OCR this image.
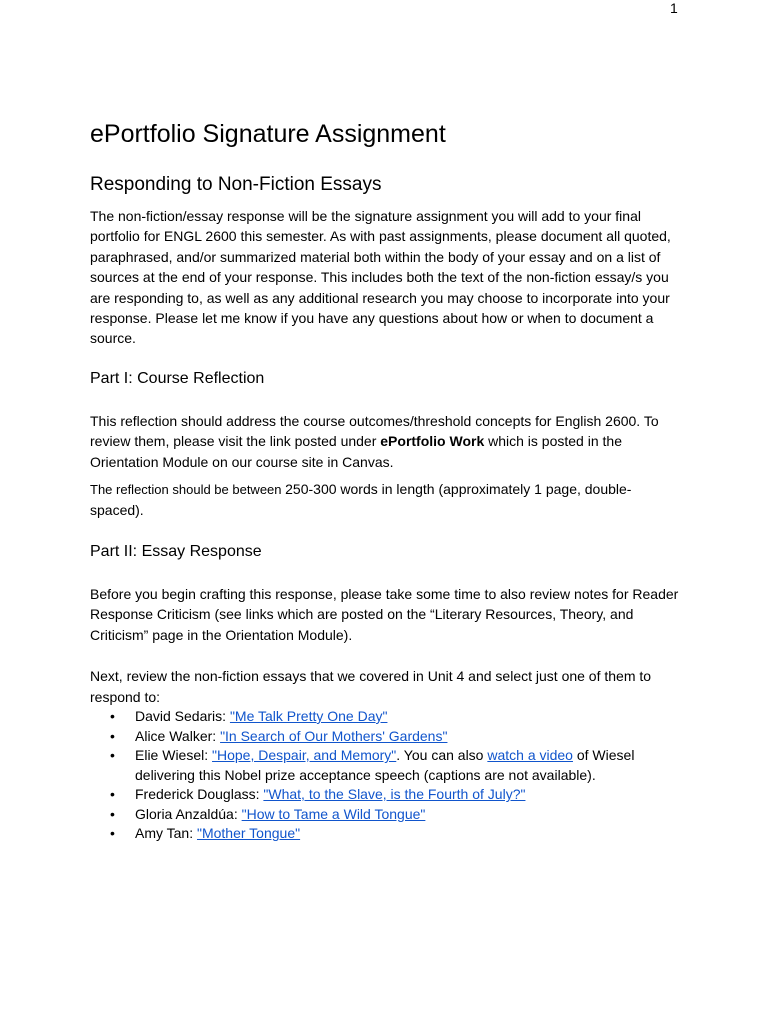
1
ePortfolio Signature Assignment
Responding to Non-Fiction Essays

The non-fiction/essay response will be the signature assignment you will add to your final portfolio for ENGL 2600 this semester. As with past assignments, please document all quoted, paraphrased, and/or summarized material both within the body of your essay and on a list of sources at the end of your response. This includes both the text of the non-fiction essay/s you are responding to, as well as any additional research you may choose to incorporate into your response. Please let me know if you have any questions about how or when to document a source.

Part I: Course Reflection

This reflection should address the course outcomes/threshold concepts for English 2600. To review them, please visit the link posted under ePortfolio Work which is posted in the Orientation Module on our course site in Canvas.

The reflection should be between 250-300 words in length (approximately 1 page, double-spaced).

Part II: Essay Response

Before you begin crafting this response, please take some time to also review notes for Reader Response Criticism (see links which are posted on the “Literary Resources, Theory, and Criticism” page in the Orientation Module).

Next, review the non-fiction essays that we covered in Unit 4 and select just one of them to respond to:

• David Sedaris: "Me Talk Pretty One Day"
• Alice Walker: "In Search of Our Mothers' Gardens"
• Elie Wiesel: "Hope, Despair, and Memory". You can also watch a video of Wiesel delivering this Nobel prize acceptance speech (captions are not available).
• Frederick Douglass: "What, to the Slave, is the Fourth of July?"
• Gloria Anzaldúa: "How to Tame a Wild Tongue"
• Amy Tan: "Mother Tongue"
